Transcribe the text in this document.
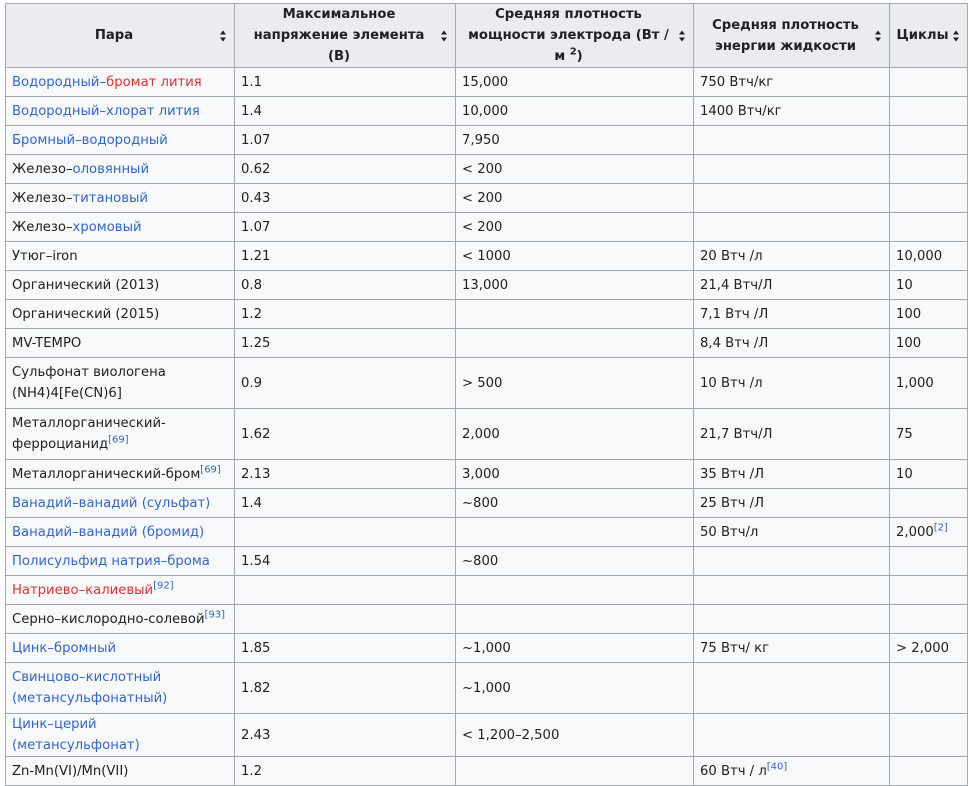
Пара	Максимальное напряжение элемента (В)	Средняя плотность мощности электрода (Вт / м $^2$)	Средняя плотность энергии жидкости	Циклы

Водородный–бромат лития	1.1	15,000	750 Втч/кг	
Водородный–хлорат лития	1.4	10,000	1400 Втч/кг	
Бромный–водородный	1.07	7,950		
Железо–оловянный	0.62	< 200		
Железо–титановый	0.43	< 200		
Железо–хромовый	1.07	< 200		
Утюг–iron	1.21	< 1000	20 Втч /л	10,000
Органический (2013)	0.8	13,000	21,4 Втч/Л	10
Органический (2015)	1.2		7,1 Втч /Л	100
MV-TEMPO	1.25		8,4 Втч /Л	100
Сульфонат виологена (NH4)4[Fe(CN)6]	0.9	> 500	10 Втч /л	1,000
Металлорганический-ферроцианид[69]	1.62	2,000	21,7 Втч/Л	75
Металлорганический-бром[69]	2.13	3,000	35 Втч /Л	10
Ванадий–ванадий (сульфат)	1.4	~800	25 Втч /Л	
Ванадий–ванадий (бромид)			50 Втч/л	2,000[2]
Полисульфид натрия–брома	1.54	~800		
Натриево–калиевый[92]				
Серно–кислородно-солевой[93]				
Цинк–бромный	1.85	~1,000	75 Втч/ кг	> 2,000
Свинцово–кислотный (метансульфонатный)	1.82	~1,000		
Цинк–церий (метансульфонат)	2.43	< 1,200–2,500		
Zn-Mn(VI)/Mn(VII)	1.2		60 Втч / л[40]	
